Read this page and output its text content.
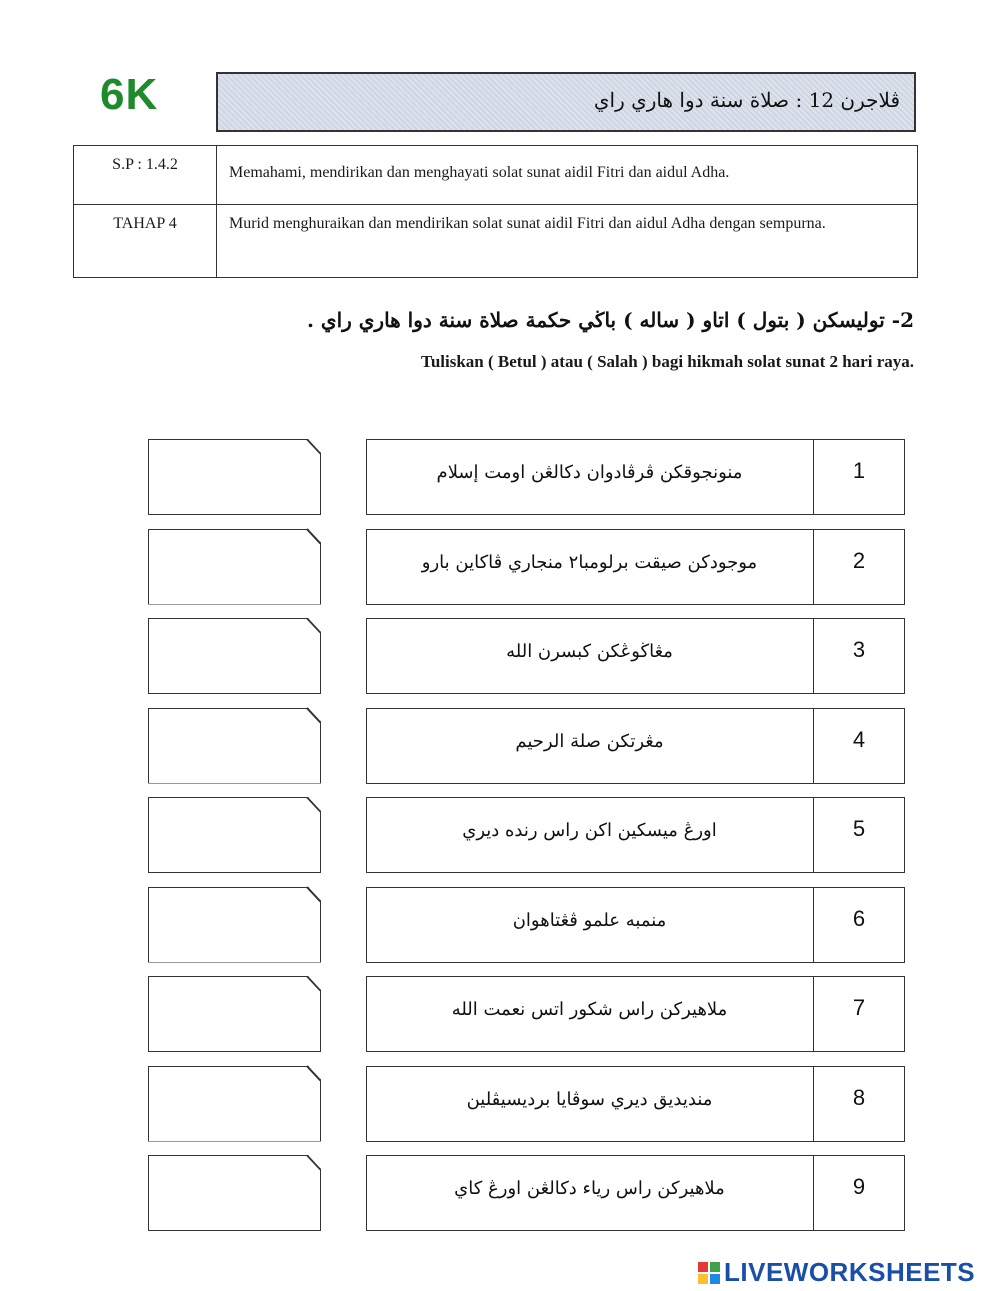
6K	ڤلاجرن 12 : صلاة سنة دوا هاري راي
S.P : 1.4.2	Memahami, mendirikan dan menghayati solat sunat aidil Fitri dan aidul Adha.
TAHAP 4	Murid menghuraikan dan mendirikan solat sunat aidil Fitri dan aidul Adha dengan sempurna.
2- توليسكن ( بتول ) اتاو ( ساله ) باڬي حكمة صلاة سنة دوا هاري راي .
Tuliskan ( Betul ) atau ( Salah ) bagi hikmah solat sunat 2 hari raya.
منونجوقكن ڤرڤادوان دكالڠن اومت إسلام	1
موجودكن صيقت برلومبا٢ منجاري ڤاكاين بارو	2
مڠاڬوڠكن كبسرن الله	3
مڠرتكن صلة الرحيم	4
اورڠ ميسكين اكن راس رنده ديري	5
منمبه علمو ڤڠتاهوان	6
ملاهيركن راس شكور اتس نعمت الله	7
منديديق ديري سوڤايا برديسيڤلين	8
ملاهيركن راس رياء دكالڠن اورڠ كاي	9
LIVEWORKSHEETS
